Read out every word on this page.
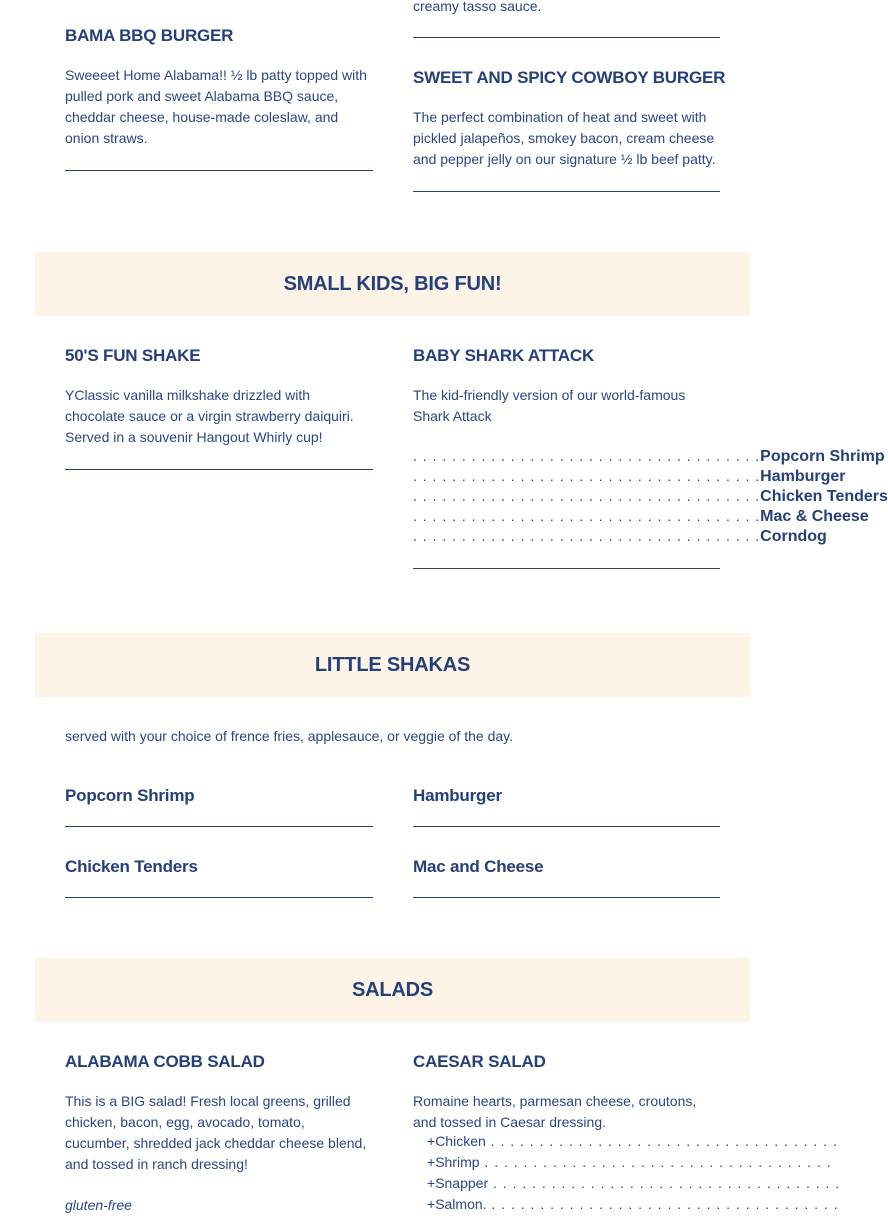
creamy tasso sauce.
BAMA BBQ BURGER
Sweeeet Home Alabama!! ½ lb patty topped with pulled pork and sweet Alabama BBQ sauce, cheddar cheese, house-made coleslaw, and onion straws.
SWEET AND SPICY COWBOY BURGER
The perfect combination of heat and sweet with pickled jalapeños, smokey bacon, cream cheese and pepper jelly on our signature ½ lb beef patty.
SMALL KIDS, BIG FUN!
50'S FUN SHAKE
YClassic vanilla milkshake drizzled with chocolate sauce or a virgin strawberry daiquiri. Served in a souvenir Hangout Whirly cup!
BABY SHARK ATTACK
The kid-friendly version of our world-famous Shark Attack
. . . . . . . . . . . . . . . . . . . . . . . . . . . . . . . . . . . . Popcorn Shrimp
. . . . . . . . . . . . . . . . . . . . . . . . . . . . . . . . . . . . Hamburger
. . . . . . . . . . . . . . . . . . . . . . . . . . . . . . . . . . . . Chicken Tenders
. . . . . . . . . . . . . . . . . . . . . . . . . . . . . . . . . . . . Mac & Cheese
. . . . . . . . . . . . . . . . . . . . . . . . . . . . . . . . . . . . Corndog
LITTLE SHAKAS
served with your choice of frence fries, applesauce, or veggie of the day.
Popcorn Shrimp	Hamburger
Chicken Tenders	Mac and Cheese
SALADS
ALABAMA COBB SALAD
This is a BIG salad! Fresh local greens, grilled chicken, bacon, egg, avocado, tomato, cucumber, shredded jack cheddar cheese blend, and tossed in ranch dressing!
gluten-free
CAESAR SALAD
Romaine hearts, parmesan cheese, croutons, and tossed in Caesar dressing.
+ Chicken . . . . . . . . . . . . . . . . . . . . . . . . . . . . . . . . . . . .
+ Shrimp . . . . . . . . . . . . . . . . . . . . . . . . . . . . . . . . . . . .
+ Snapper . . . . . . . . . . . . . . . . . . . . . . . . . . . . . . . . . . . .
+ Salmon. . . . . . . . . . . . . . . . . . . . . . . . . . . . . . . . . . . . .
